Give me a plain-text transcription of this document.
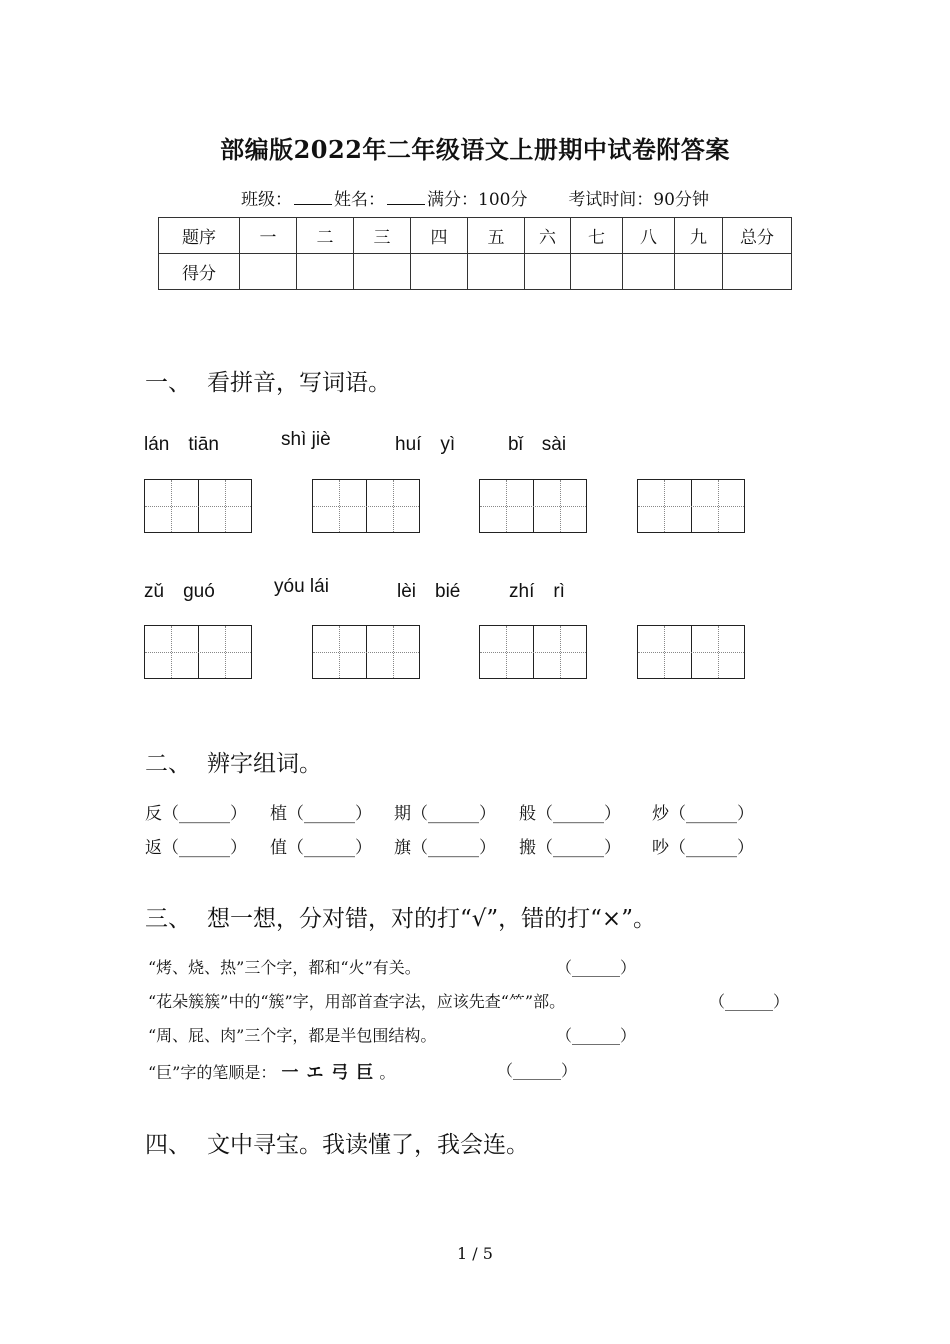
部编版2022年二年级语文上册期中试卷附答案
班级： 姓名： 满分：100分 考试时间：90分钟
题序	一	二	三	四	五	六	七	八	九	总分
得分										
一、 看拼音，写词语。
lán　tiān	shì jiè	huí　yì	bǐ　sài
zǔ　guó	yóu lái	lèi　bié	zhí　rì
二、 辨字组词。
反（______） 植（______） 期（______） 般（______） 炒（______）
返（______） 值（______） 旗（______） 搬（______） 吵（______）
三、 想一想，分对错，对的打“√”，错的打“×”。
“烤、烧、热”三个字，都和“火”有关。	（______）
“花朵簇簇”中的“簇”字，用部首查字法，应该先查“⺮”部。	（______）
“周、屁、肉”三个字，都是半包围结构。	（______）
“巨”字的笔顺是： 一 エ 弓 巨 。	（______）
四、 文中寻宝。我读懂了，我会连。
1 / 5
